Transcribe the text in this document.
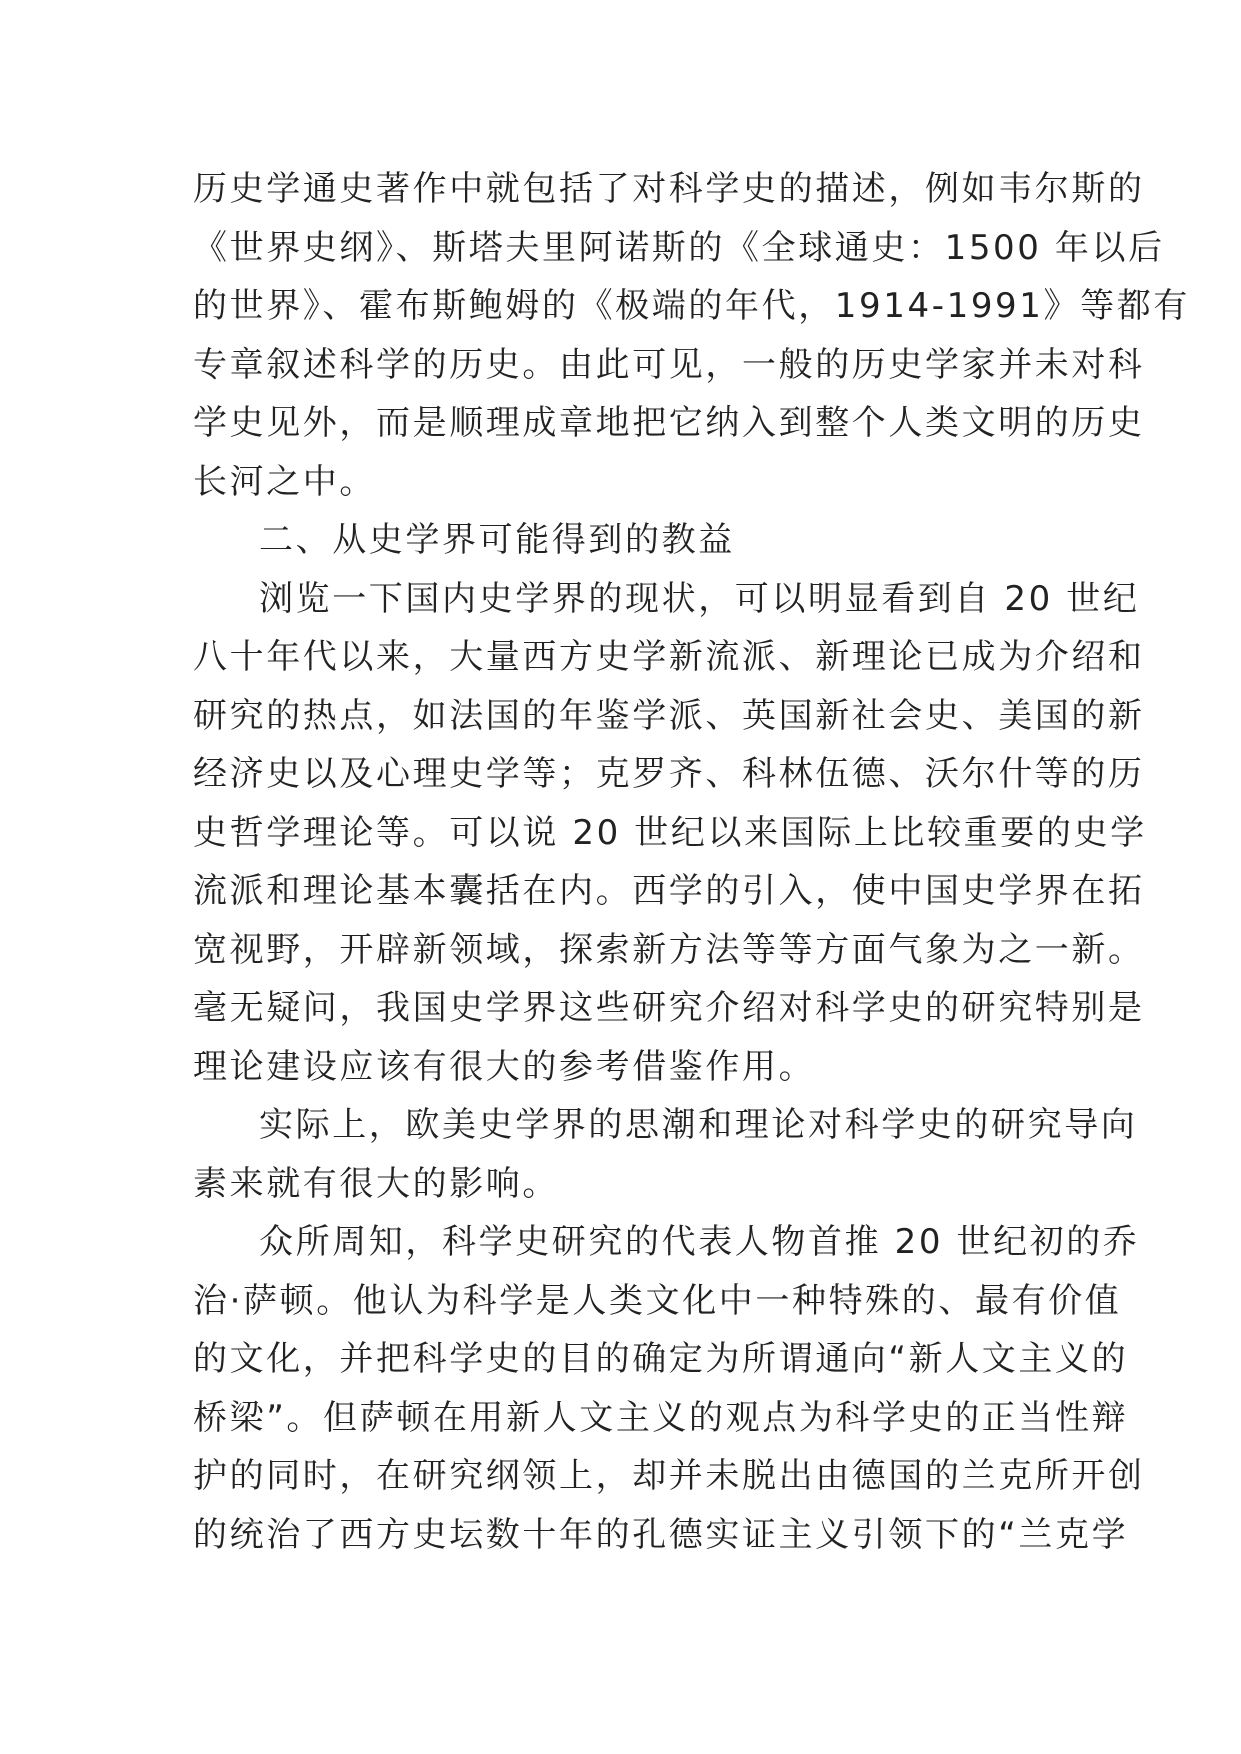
历史学通史著作中就包括了对科学史的描述，例如韦尔斯的
《世界史纲》、斯塔夫里阿诺斯的《全球通史：1500 年以后
的世界》、霍布斯鲍姆的《极端的年代，1914-1991》等都有
专章叙述科学的历史。由此可见，一般的历史学家并未对科
学史见外，而是顺理成章地把它纳入到整个人类文明的历史
长河之中。
二、从史学界可能得到的教益
浏览一下国内史学界的现状，可以明显看到自 20 世纪
八十年代以来，大量西方史学新流派、新理论已成为介绍和
研究的热点，如法国的年鉴学派、英国新社会史、美国的新
经济史以及心理史学等；克罗齐、科林伍德、沃尔什等的历
史哲学理论等。可以说 20 世纪以来国际上比较重要的史学
流派和理论基本囊括在内。西学的引入，使中国史学界在拓
宽视野，开辟新领域，探索新方法等等方面气象为之一新。
毫无疑问，我国史学界这些研究介绍对科学史的研究特别是
理论建设应该有很大的参考借鉴作用。
实际上，欧美史学界的思潮和理论对科学史的研究导向
素来就有很大的影响。
众所周知，科学史研究的代表人物首推 20 世纪初的乔
治·萨顿。他认为科学是人类文化中一种特殊的、最有价值
的文化，并把科学史的目的确定为所谓通向“新人文主义的
桥梁”。但萨顿在用新人文主义的观点为科学史的正当性辩
护的同时，在研究纲领上，却并未脱出由德国的兰克所开创
的统治了西方史坛数十年的孔德实证主义引领下的“兰克学
